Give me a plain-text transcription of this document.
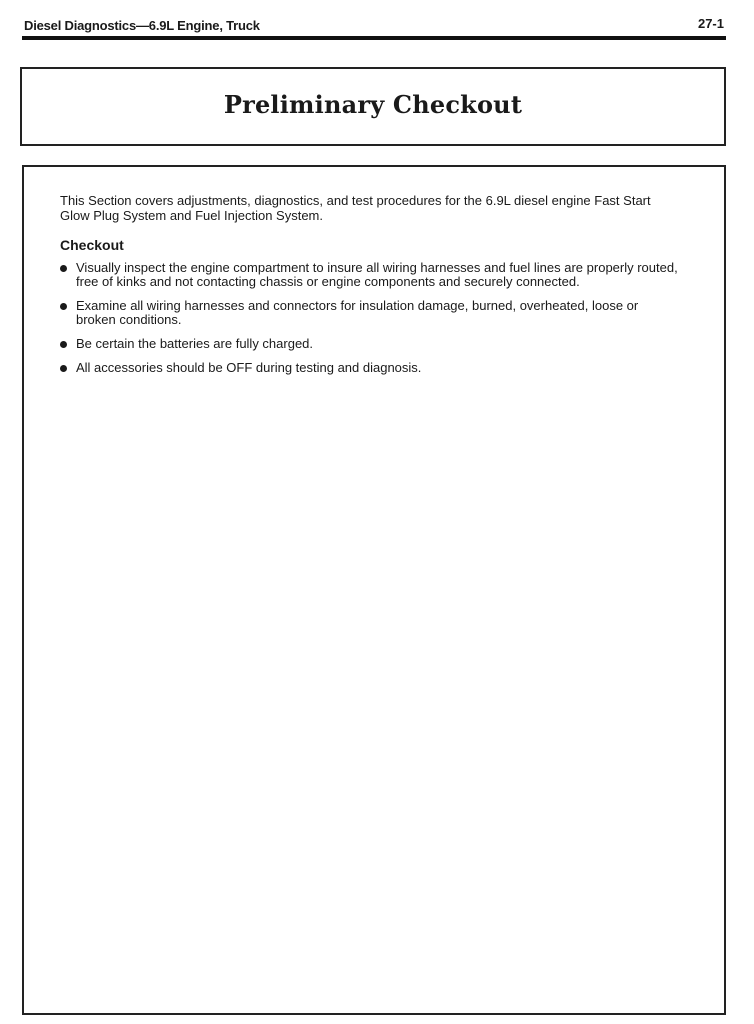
Diesel Diagnostics—6.9L Engine, Truck	27-1
Preliminary Checkout

This Section covers adjustments, diagnostics, and test procedures for the 6.9L diesel engine Fast Start Glow Plug System and Fuel Injection System.

Checkout
Visually inspect the engine compartment to insure all wiring harnesses and fuel lines are properly routed, free of kinks and not contacting chassis or engine components and securely connected.
Examine all wiring harnesses and connectors for insulation damage, burned, overheated, loose or broken conditions.
Be certain the batteries are fully charged.
All accessories should be OFF during testing and diagnosis.
